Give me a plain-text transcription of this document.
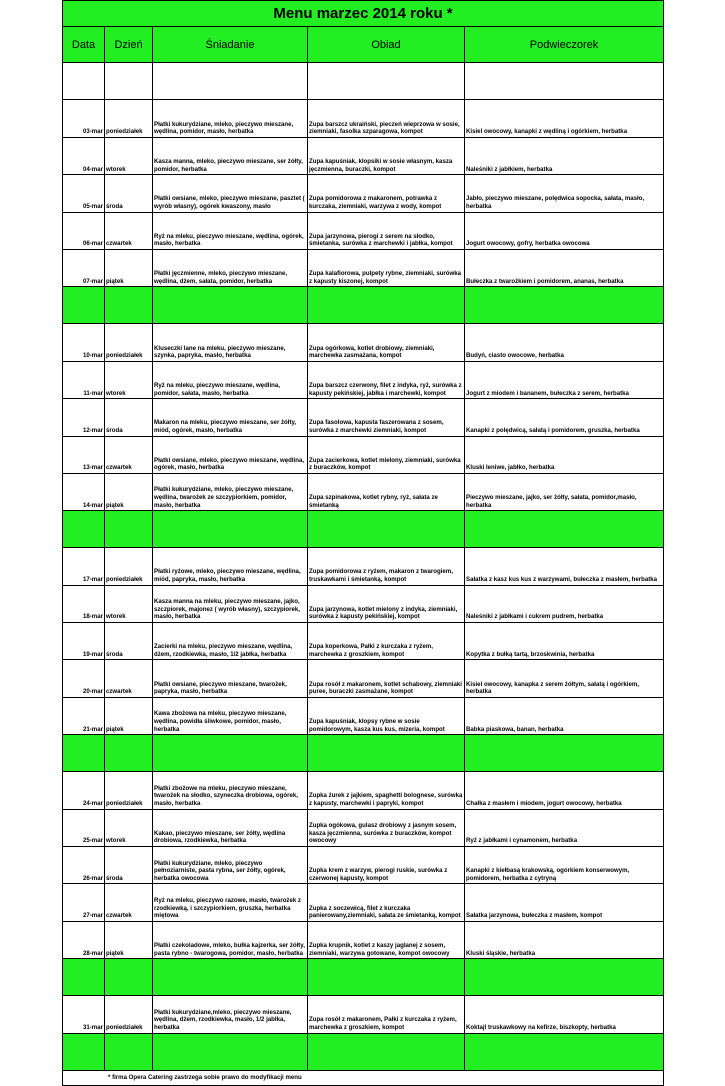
Menu marzec 2014 roku *				
Data	Dzień	Śniadanie	Obiad	Podwieczorek

03-mar	poniedziałek	Płatki kukurydziane, mleko, pieczywo mieszane, wędlina, pomidor, masło, herbatka	Zupa barszcz ukraiński, pieczeń wieprzowa w sosie, ziemniaki, fasolka szparagowa, kompot	Kisiel owocowy, kanapki z wędliną i ogórkiem, herbatka
04-mar	wtorek	Kasza manna, mleko, pieczywo mieszane, ser żółty, pomidor, herbatka	Zupa kapuśniak, klopsiki w sosie własnym, kasza jęczmienna, buraczki, kompot	Naleśniki z jabłkiem, herbatka
05-mar	środa	Płatki owsiane, mleko, pieczywo mieszane, pasztet ( wyrób własny), ogórek kwaszony, masło	Zupa pomidorowa z makaronem, potrawka z kurczaka, ziemniaki, warzywa z wody, kompot	Jabło, pieczywo mieszane, polędwica sopocka, sałata, masło, herbatka
06-mar	czwartek	Ryż na mleku, pieczywo mieszane, wędlina, ogórek, masło, herbatka	Zupa jarzynowa, pierogi z serem na słodko, śmietanka, surówka z marchewki i jabłka, kompot	Jogurt owocowy, gofry, herbatka owocowa
07-mar	piątek	Płatki jęczmienne, mleko, pieczywo mieszane, wędlina, dżem, sałata, pomidor, herbatka	Zupa kalafiorowa, pulpety rybne, ziemniaki, surówka z kapusty kiszonej, kompot	Bułeczka z twarożkiem i pomidorem, ananas, herbatka

10-mar	poniedziałek	Kluseczki lane na mleku, pieczywo mieszane, szynka, papryka, masło, herbatka	Zupa ogórkowa, kotlet drobiowy, ziemniaki, marchewka zasmażana, kompot	Budyń, ciasto owocowe, herbatka
11-mar	wtorek	Ryż na mleku, pieczywo mieszane, wędlina, pomidor, sałata, masło, herbatka	Zupa barszcz czerwony, filet z indyka, ryż, surówka z kapusty pekińskiej, jabłka i marchewki, kompot	Jogurt z miodem i bananem, bułeczka z serem, herbatka
12-mar	środa	Makaron na mleku, pieczywo mieszane, ser żółty, miód, ogórek, masło, herbatka	Zupa fasolowa, kapusta faszerowana z sosem, surówka z marchewki ziemniaki, kompot	Kanapki z polędwicą, sałatą i pomidorem, gruszka, herbatka
13-mar	czwartek	Płatki owsiane, mleko, pieczywo mieszane, wędlina, ogórek, masło, herbatka	Zupa zacierkowa, kotlet mielony, ziemniaki, surówka z buraczków, kompot	Kluski leniwe, jabłko, herbatka
14-mar	piątek	Płatki kukurydziane, mleko, pieczywo mieszane, wędlina, twarożek ze szczypiorkiem, pomidor, masło, herbatka	Zupa szpinakowa, kotlet rybny, ryż, sałata ze śmietanką	Pieczywo mieszane, jajko, ser żółty, sałata, pomidor,masło, herbatka

17-mar	poniedziałek	Płatki ryżowe, mleko, pieczywo mieszane, wędlina, miód, papryka, masło, herbatka	Zupa pomidorowa z ryżem, makaron z twarogiem, truskawkami i śmietanką, kompot	Sałatka z kasz kus kus z warzywami, bułeczka z masłem, herbatka
18-mar	wtorek	Kasza manna na mleku, pieczywo mieszane, jajko, szczpiorek, majonez ( wyrób własny), szczypiorek, masło, herbatka	Zupa jarzynowa, kotlet mielony z indyka, ziemniaki, surówka z kapusty pekińskiej, kompot	Naleśniki z jabłkami i cukrem pudrem, herbatka
19-mar	środa	Zacierki na mleku, pieczywo mieszane, wędlina, dżem, rzodkiewka, masło, 1/2 jabłka, herbatka	Zupa koperkowa, Pałki z kurczaka z ryżem, marchewka z groszkiem, kompot	Kopytka z bułką tartą, brzoskwinia, herbatka
20-mar	czwartek	Płatki owsiane, pieczywo mieszane, twarożek, papryka, masło, herbatka	Zupa rosół z makaronem, kotlet schabowy, ziemniaki puree, buraczki zasmażane, kompot	Kisiel owocowy, kanapka z serem żółtym, sałatą i ogórkiem, herbatka
21-mar	piątek	Kawa zbożowa na mleku, pieczywo mieszane, wędlina, powidła śliwkowe, pomidor, masło, herbatka	Zupa kapuśniak, klopsy rybne w sosie pomidorowym, kasza kus kus, mizeria, kompot	Babka piaskowa, banan, herbatka

24-mar	poniedziałek	Płatki zbożowe na mleku, pieczywo mieszane, twarożek na słodko, szyneczka drobiowa, ogórek, masło, herbatka	Zupka żurek z jajkiem, spaghetti bolognese, surówka z kapusty, marchewki i papryki, kompot	Chałka z masłem i miodem, jogurt owocowy, herbatka
25-mar	wtorek	Kakao, pieczywo mieszane, ser żółty, wędlina drobiowa, rzodkiewka, herbatka	Zupka ogókowa, gulasz drobiowy z jasnym sosem, kasza jęczmienna, surówka z buraczków, kompot owocowy	Ryż z jabłkami i cynamonem, herbatka
26-mar	środa	Płatki kukurydziane, mleko, pieczywo pełnoziarniste, pasta rybna, ser żółty, ogórek, herbatka owocowa	Zupka krem z warzyw, pierogi ruskie, surówka z czerwonej kapusty, kompot	Kanapki z kiełbasą krakowską, ogórkiem konserwowym, pomidorem, herbatka z cytryną
27-mar	czwartek	Ryż na mleku, pieczywo razowe, masło, twarożek z rzodkiewką, i szczypiorkiem, gruszka, herbatka miętowa	Zupka z soczewicą, filet z kurczaka panierowany,ziemniaki, sałata ze śmietanką, kompot	Sałatka jarzynowa, bułeczka z masłem, kompot
28-mar	piątek	Płatki czekoladowe, mleko, bułka kajzerka, ser żółty, pasta rybno - twarogowa, pomidor, masło, herbatka	Zupka krupnik, kotlet z kaszy jaglanej z sosem, ziemniaki, warzywa gotowane, kompot owocowy	Kluski śląskie, herbatka

31-mar	poniedziałek	Płatki kukurydziane,mleko, pieczywo mieszane, wędlina, dżem, rzodkiewka, masło, 1/2 jabłka, herbatka	Zupa rosół z makaronem, Pałki z kurczaka z ryżem, marchewka z groszkiem, kompot	Koktajl truskawkowy na kefirze, biszkopty, herbatka

* firma Opera Catering zastrzega sobie prawo do modyfikacji menu				
